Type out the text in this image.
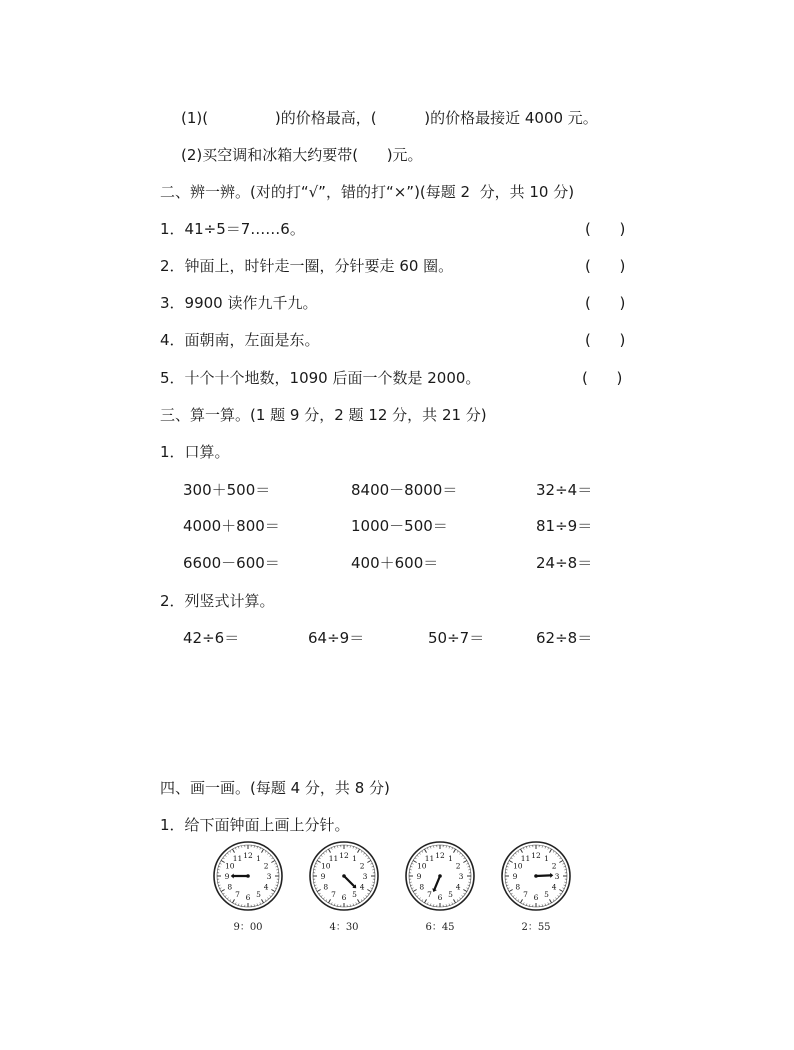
(1)(              )的价格最高，(          )的价格最接近 4000 元。
(2)买空调和冰箱大约要带(      )元。
二、辨一辨。(对的打“√”，错的打“×”)(每题 2  分，共 10 分)
1．41÷5＝7……6。	(      )
2．钟面上，时针走一圈，分针要走 60 圈。	(      )
3．9900 读作九千九。	(      )
4．面朝南，左面是东。	(      )
5．十个十个地数，1090 后面一个数是 2000。	(      )
三、算一算。(1 题 9 分，2 题 12 分，共 21 分)
1．口算。
300＋500＝	8400－8000＝	32÷4＝
4000＋800＝	1000－500＝	81÷9＝
6600－600＝	400＋600＝	24÷8＝
2．列竖式计算。
42÷6＝	64÷9＝	50÷7＝	62÷8＝
四、画一画。(每题 4 分，共 8 分)
1．给下面钟面上画上分针。
1
2
3
4
5
6
7
8
9
10
11 12
9：00
1
2
3
4
5
6
7
8
9
10
11 12
4：30
1
2
3
4
5
6
7
8
9
10
11 12
6：45
1
2
3
4
5
6
7
8
9
10
11 12
2：55
